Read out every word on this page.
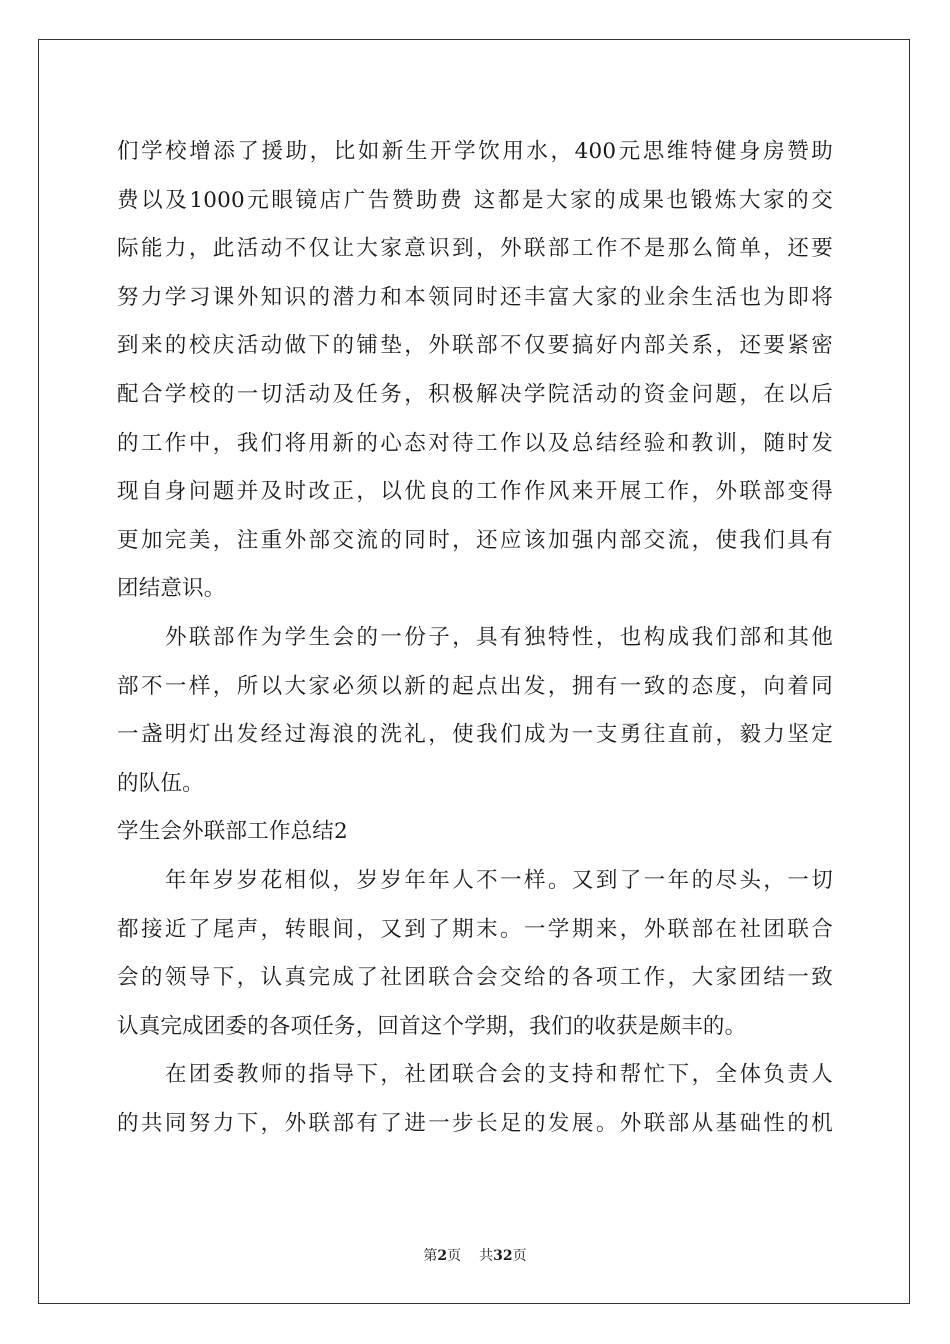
们学校增添了援助，比如新生开学饮用水，400元思维特健身房赞助
费以及1000元眼镜店广告赞助费 这都是大家的成果也锻炼大家的交
际能力，此活动不仅让大家意识到，外联部工作不是那么简单，还要
努力学习课外知识的潜力和本领同时还丰富大家的业余生活也为即将
到来的校庆活动做下的铺垫，外联部不仅要搞好内部关系，还要紧密
配合学校的一切活动及任务，积极解决学院活动的资金问题，在以后
的工作中，我们将用新的心态对待工作以及总结经验和教训，随时发
现自身问题并及时改正，以优良的工作作风来开展工作，外联部变得
更加完美，注重外部交流的同时，还应该加强内部交流，使我们具有
团结意识。
外联部作为学生会的一份子，具有独特性，也构成我们部和其他
部不一样，所以大家必须以新的起点出发，拥有一致的态度，向着同
一盏明灯出发经过海浪的洗礼，使我们成为一支勇往直前，毅力坚定
的队伍。
学生会外联部工作总结2
年年岁岁花相似，岁岁年年人不一样。又到了一年的尽头，一切
都接近了尾声，转眼间，又到了期末。一学期来，外联部在社团联合
会的领导下，认真完成了社团联合会交给的各项工作，大家团结一致
认真完成团委的各项任务，回首这个学期，我们的收获是颇丰的。
在团委教师的指导下，社团联合会的支持和帮忙下，全体负责人
的共同努力下，外联部有了进一步长足的发展。外联部从基础性的机
第2页 共32页
